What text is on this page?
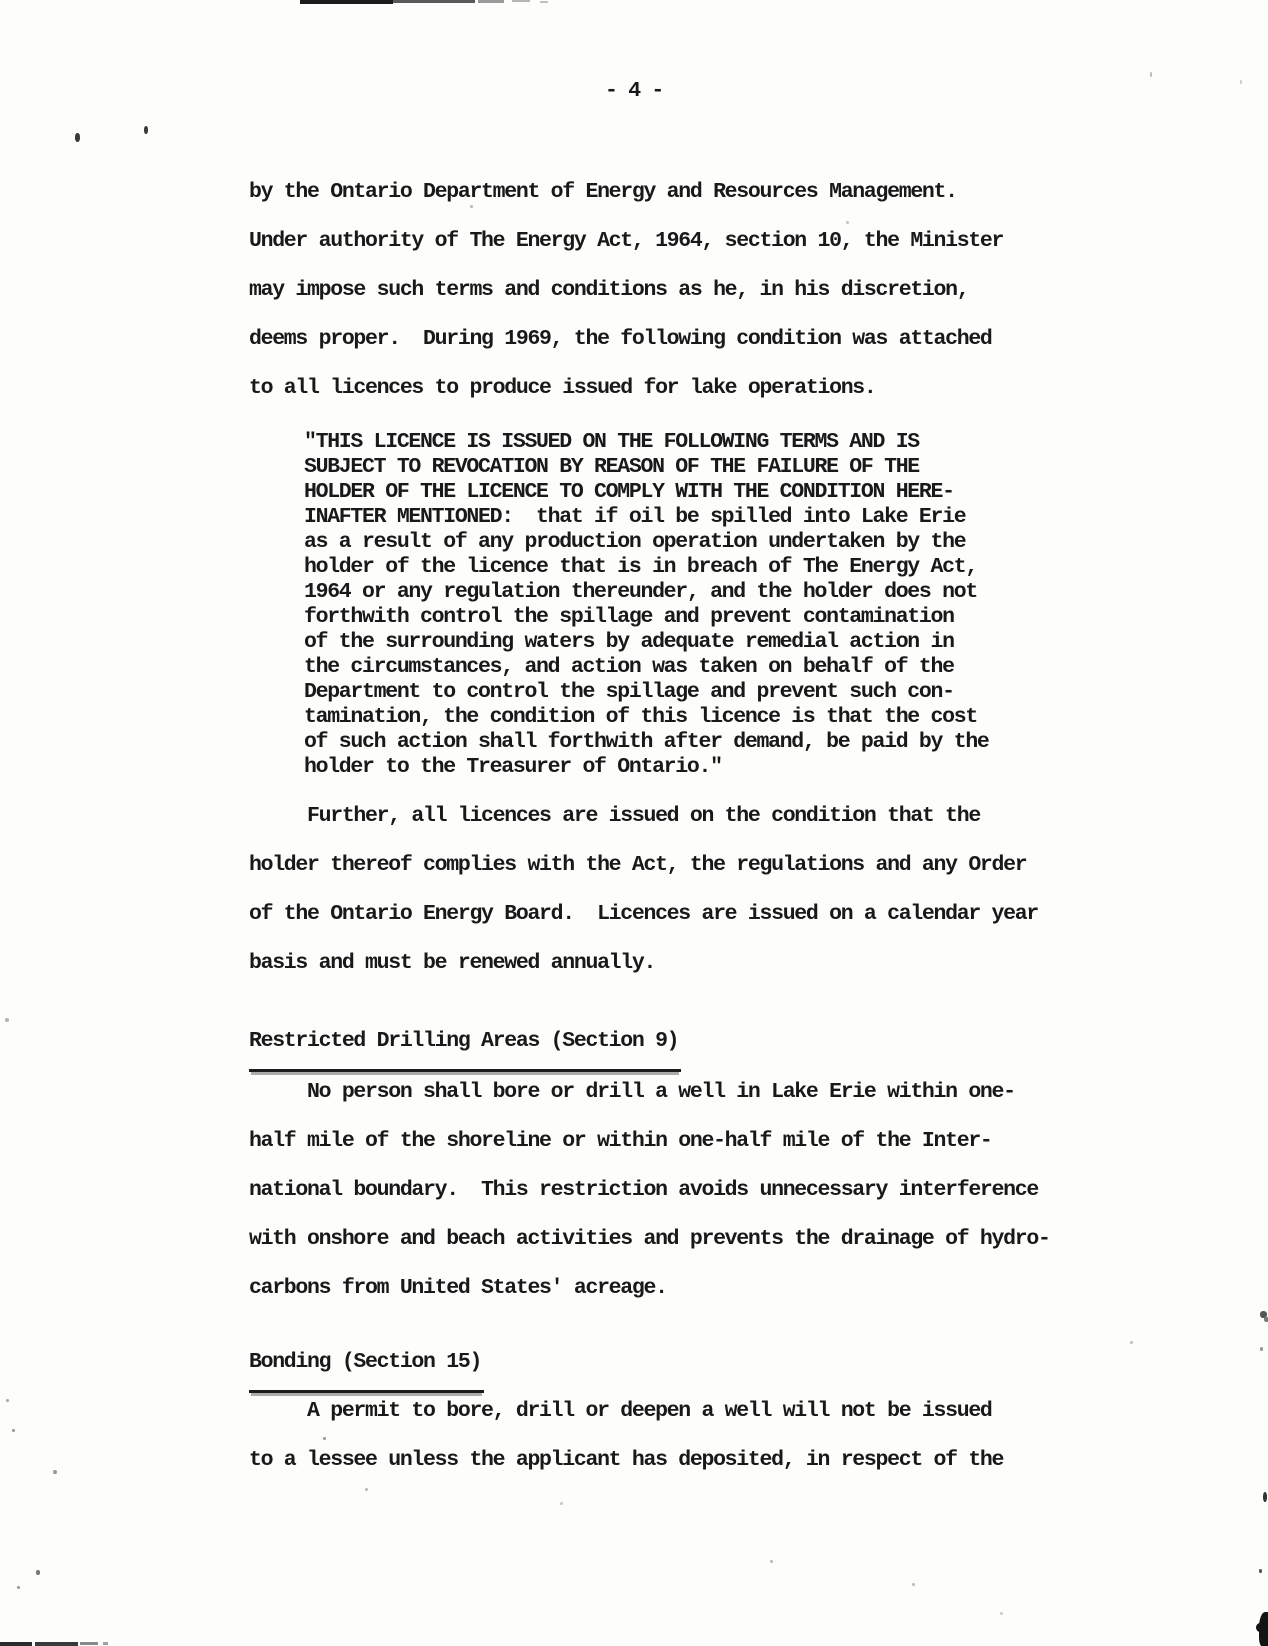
- 4 -
by the Ontario Department of Energy and Resources Management.
Under authority of The Energy Act, 1964, section 10, the Minister
may impose such terms and conditions as he, in his discretion,
deems proper.  During 1969, the following condition was attached
to all licences to produce issued for lake operations.
"THIS LICENCE IS ISSUED ON THE FOLLOWING TERMS AND IS
SUBJECT TO REVOCATION BY REASON OF THE FAILURE OF THE
HOLDER OF THE LICENCE TO COMPLY WITH THE CONDITION HERE-
INAFTER MENTIONED:  that if oil be spilled into Lake Erie
as a result of any production operation undertaken by the
holder of the licence that is in breach of The Energy Act,
1964 or any regulation thereunder, and the holder does not
forthwith control the spillage and prevent contamination
of the surrounding waters by adequate remedial action in
the circumstances, and action was taken on behalf of the
Department to control the spillage and prevent such con-
tamination, the condition of this licence is that the cost
of such action shall forthwith after demand, be paid by the
holder to the Treasurer of Ontario."
Further, all licences are issued on the condition that the
holder thereof complies with the Act, the regulations and any Order
of the Ontario Energy Board.  Licences are issued on a calendar year
basis and must be renewed annually.
Restricted Drilling Areas (Section 9)
No person shall bore or drill a well in Lake Erie within one-
half mile of the shoreline or within one-half mile of the Inter-
national boundary.  This restriction avoids unnecessary interference
with onshore and beach activities and prevents the drainage of hydro-
carbons from United States' acreage.
Bonding (Section 15)
A permit to bore, drill or deepen a well will not be issued
to a lessee unless the applicant has deposited, in respect of the
